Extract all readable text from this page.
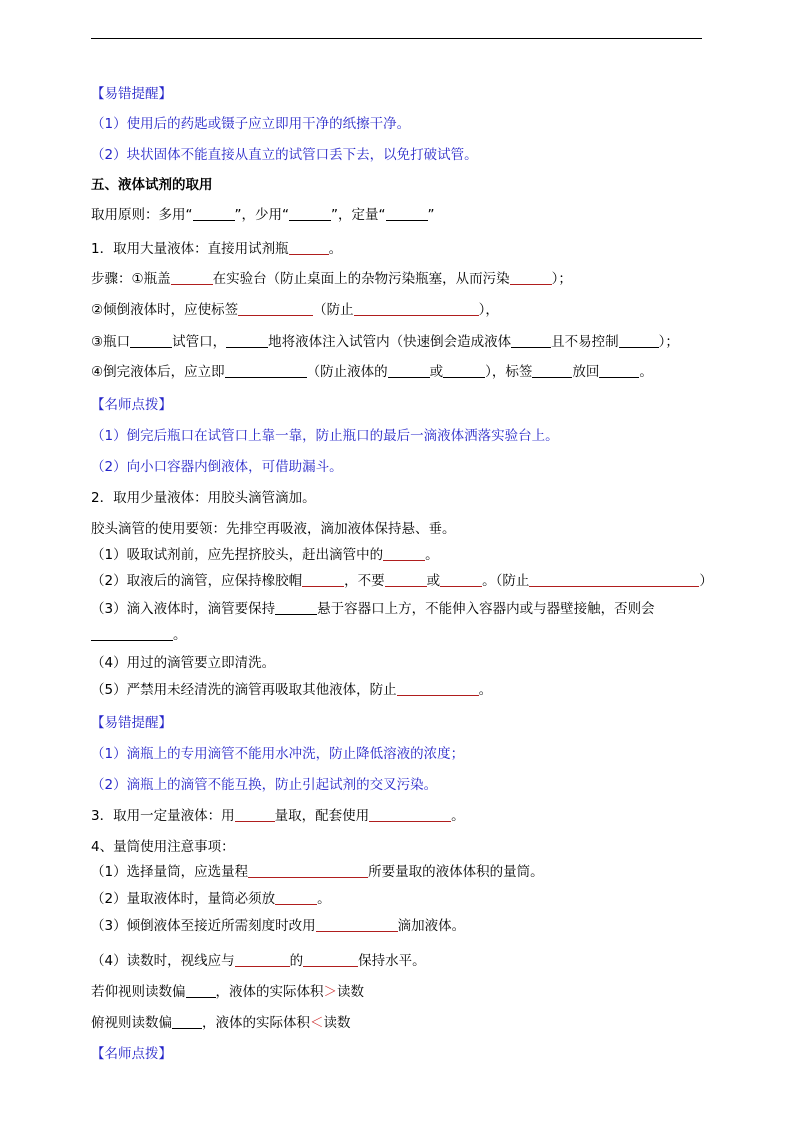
【易错提醒】
（1）使用后的药匙或镊子应立即用干净的纸擦干净。
（2）块状固体不能直接从直立的试管口丢下去，以免打破试管。
五、液体试剂的取用
取用原则：多用“	”，少用“	”，定量“	”
1．取用大量液体：直接用试剂瓶	。
步骤：①瓶盖	在实验台（防止桌面上的杂物污染瓶塞，从而污染	）；
②倾倒液体时，应使标签	（防止	），
③瓶口	试管口，	地将液体注入试管内（快速倒会造成液体	且不易控制	）；
④倒完液体后，应立即	（防止液体的	或	），标签	放回	。
【名师点拨】
（1）倒完后瓶口在试管口上靠一靠，防止瓶口的最后一滴液体洒落实验台上。
（2）向小口容器内倒液体，可借助漏斗。
2．取用少量液体：用胶头滴管滴加。
胶头滴管的使用要领：先排空再吸液，滴加液体保持悬、垂。
（1）吸取试剂前，应先捏挤胶头，赶出滴管中的	。
（2）取液后的滴管，应保持橡胶帽	，不要	或	。（防止	）
（3）滴入液体时，滴管要保持	悬于容器口上方，不能伸入容器内或与器壁接触，否则会
。
（4）用过的滴管要立即清洗。
（5）严禁用未经清洗的滴管再吸取其他液体，防止	。
【易错提醒】
（1）滴瓶上的专用滴管不能用水冲洗，防止降低溶液的浓度；
（2）滴瓶上的滴管不能互换，防止引起试剂的交叉污染。
3．取用一定量液体：用	量取，配套使用	。
4、量筒使用注意事项：
（1）选择量筒，应选量程	所要量取的液体体积的量筒。
（2）量取液体时，量筒必须放	。
（3）倾倒液体至接近所需刻度时改用	滴加液体。
（4）读数时，视线应与	的	保持水平。
若仰视则读数偏 ，液体的实际体积＞读数
俯视则读数偏 ，液体的实际体积＜读数
【名师点拨】
